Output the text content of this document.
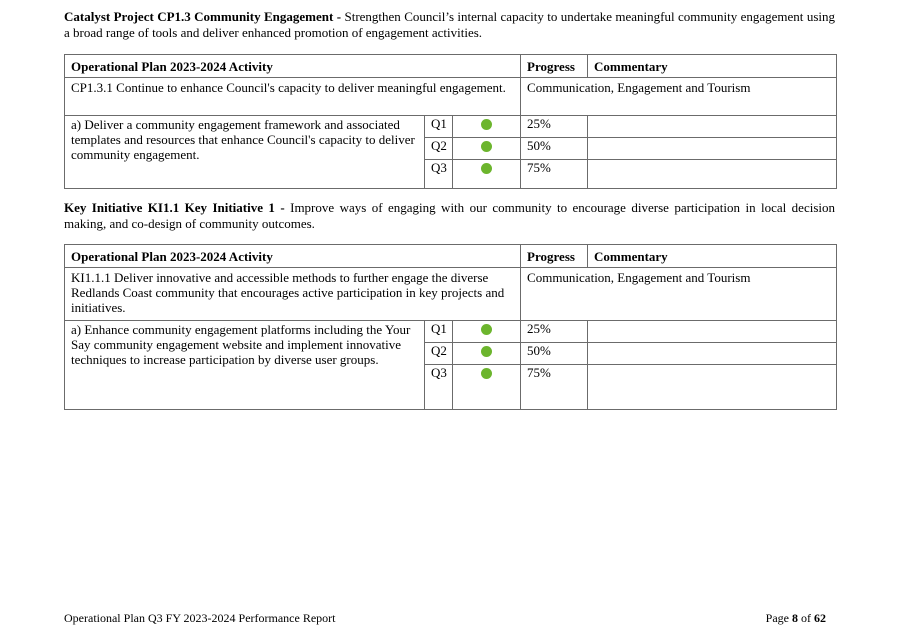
Catalyst Project CP1.3 Community Engagement - Strengthen Council’s internal capacity to undertake meaningful community engagement using a broad range of tools and deliver enhanced promotion of engagement activities.
Operational Plan 2023-2024 Activity			Progress	Commentary
CP1.3.1 Continue to enhance Council's capacity to deliver meaningful engagement.			Communication, Engagement and Tourism	
a) Deliver a community engagement framework and associated templates and resources that enhance Council's capacity to deliver community engagement.	Q1		25%	
	Q2		50%	
	Q3		75%	
Key Initiative KI1.1 Key Initiative 1 - Improve ways of engaging with our community to encourage diverse participation in local decision making, and co-design of community outcomes.
Operational Plan 2023-2024 Activity			Progress	Commentary
KI1.1.1 Deliver innovative and accessible methods to further engage the diverse Redlands Coast community that encourages active participation in key projects and initiatives.			Communication, Engagement and Tourism	
a) Enhance community engagement platforms including the Your Say community engagement website and implement innovative techniques to increase participation by diverse user groups.	Q1		25%	
	Q2		50%	
	Q3		75%	
Operational Plan Q3 FY 2023-2024 Performance Report	Page 8 of 62
